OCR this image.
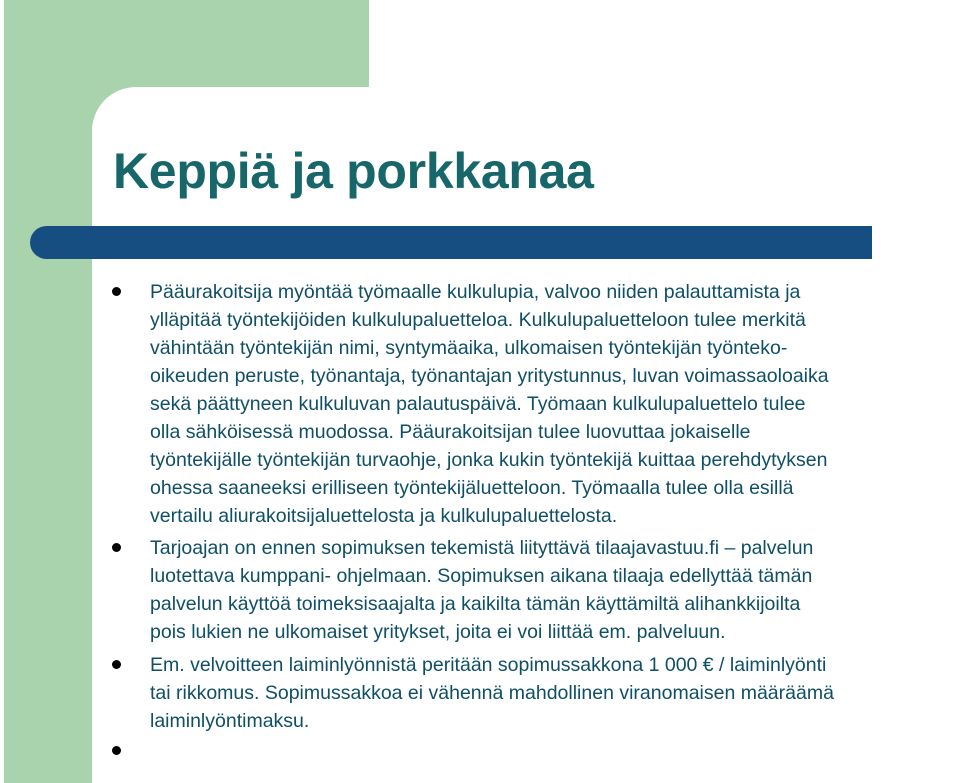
Keppiä ja porkkanaa

Pääurakoitsija myöntää työmaalle kulkulupia, valvoo niiden palauttamista ja

ylläpitää työntekijöiden kulkulupaluetteloa. Kulkulupaluetteloon tulee merkitä

vähintään työntekijän nimi, syntymäaika, ulkomaisen työntekijän työnteko-

oikeuden peruste, työnantaja, työnantajan yritystunnus, luvan voimassaoloaika

sekä päättyneen kulkuluvan palautuspäivä. Työmaan kulkulupaluettelo tulee

olla sähköisessä muodossa. Pääurakoitsijan tulee luovuttaa jokaiselle

työntekijälle työntekijän turvaohje, jonka kukin työntekijä kuittaa perehdytyksen

ohessa saaneeksi erilliseen työntekijäluetteloon. Työmaalla tulee olla esillä

vertailu aliurakoitsijaluettelosta ja kulkulupaluettelosta.

Tarjoajan on ennen sopimuksen tekemistä liityttävä tilaajavastuu.fi – palvelun

luotettava kumppani- ohjelmaan. Sopimuksen aikana tilaaja edellyttää tämän

palvelun käyttöä toimeksisaajalta ja kaikilta tämän käyttämiltä alihankkijoilta

pois lukien ne ulkomaiset yritykset, joita ei voi liittää em. palveluun.

Em. velvoitteen laiminlyönnistä peritään sopimussakkona 1 000 € / laiminlyönti

tai rikkomus. Sopimussakkoa ei vähennä mahdollinen viranomaisen määräämä

laiminlyöntimaksu.
